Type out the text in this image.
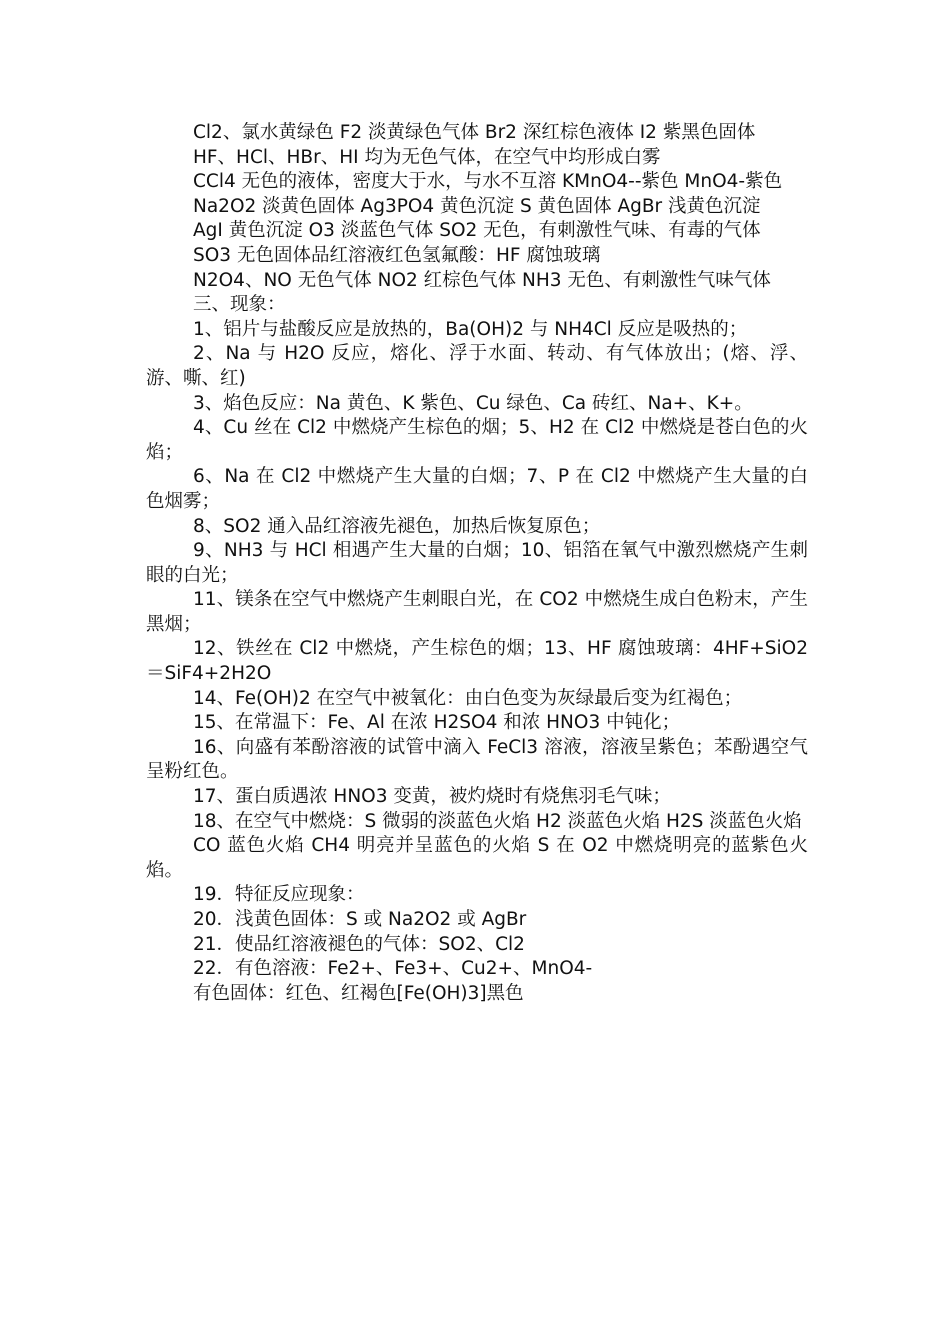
Cl2、氯水黄绿色 F2 淡黄绿色气体 Br2 深红棕色液体 I2 紫黑色固体

HF、HCl、HBr、HI 均为无色气体，在空气中均形成白雾

CCl4 无色的液体，密度大于水，与水不互溶 KMnO4--紫色 MnO4-紫色

Na2O2 淡黄色固体 Ag3PO4 黄色沉淀 S 黄色固体 AgBr 浅黄色沉淀

AgI 黄色沉淀 O3 淡蓝色气体 SO2 无色，有刺激性气味、有毒的气体

SO3 无色固体品红溶液红色氢氟酸：HF 腐蚀玻璃

N2O4、NO 无色气体 NO2 红棕色气体 NH3 无色、有刺激性气味气体

三、现象：

1、铝片与盐酸反应是放热的，Ba(OH)2 与 NH4Cl 反应是吸热的；

2、Na 与 H2O 反应，熔化、浮于水面、转动、有气体放出；(熔、浮、游、嘶、红)

3、焰色反应：Na 黄色、K 紫色、Cu 绿色、Ca 砖红、Na+、K+。

4、Cu 丝在 Cl2 中燃烧产生棕色的烟；5、H2 在 Cl2 中燃烧是苍白色的火焰；

6、Na 在 Cl2 中燃烧产生大量的白烟；7、P 在 Cl2 中燃烧产生大量的白色烟雾；

8、SO2 通入品红溶液先褪色，加热后恢复原色；

9、NH3 与 HCl 相遇产生大量的白烟；10、铝箔在氧气中激烈燃烧产生刺眼的白光；

11、镁条在空气中燃烧产生刺眼白光，在 CO2 中燃烧生成白色粉末，产生黑烟；

12、铁丝在 Cl2 中燃烧，产生棕色的烟；13、HF 腐蚀玻璃：4HF+SiO2＝SiF4+2H2O

14、Fe(OH)2 在空气中被氧化：由白色变为灰绿最后变为红褐色；

15、在常温下：Fe、Al 在浓 H2SO4 和浓 HNO3 中钝化；

16、向盛有苯酚溶液的试管中滴入 FeCl3 溶液，溶液呈紫色；苯酚遇空气呈粉红色。

17、蛋白质遇浓 HNO3 变黄，被灼烧时有烧焦羽毛气味；

18、在空气中燃烧：S 微弱的淡蓝色火焰 H2 淡蓝色火焰 H2S 淡蓝色火焰

CO 蓝色火焰 CH4 明亮并呈蓝色的火焰 S 在 O2 中燃烧明亮的蓝紫色火焰。

19．特征反应现象：

20．浅黄色固体：S 或 Na2O2 或 AgBr

21．使品红溶液褪色的气体：SO2、Cl2

22．有色溶液：Fe2+、Fe3+、Cu2+、MnO4-

有色固体：红色、红褐色[Fe(OH)3]黑色
